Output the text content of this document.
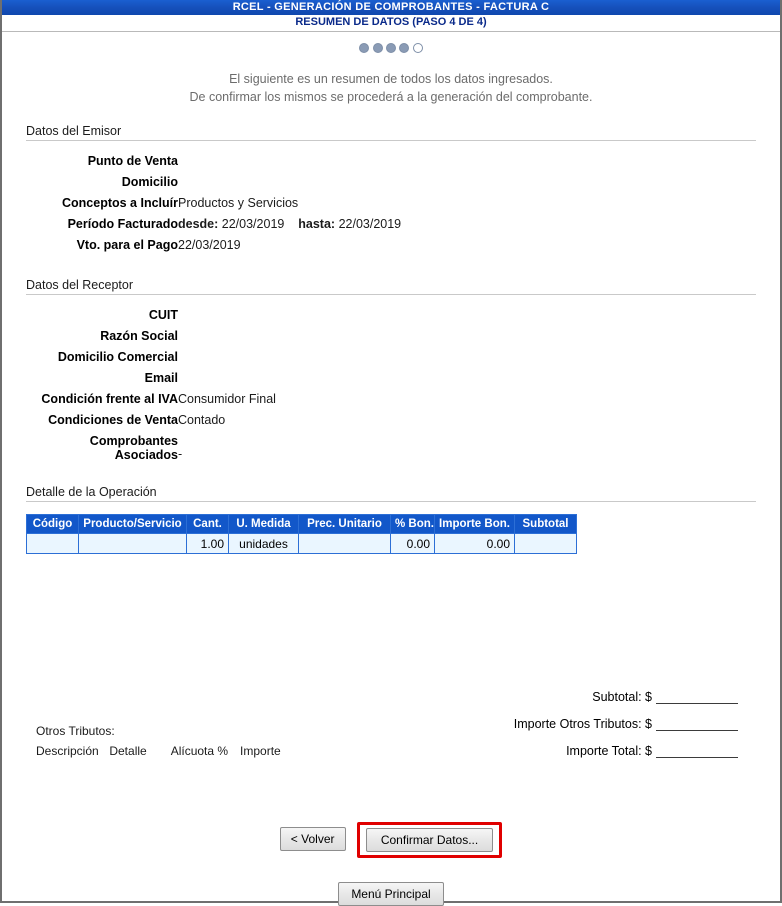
RCEL - GENERACIÓN DE COMPROBANTES - FACTURA C
RESUMEN DE DATOS (PASO 4 DE 4)

El siguiente es un resumen de todos los datos ingresados.
De confirmar los mismos se procederá a la generación del comprobante.
Datos del Emisor
Punto de Venta	
Domicilio	
Conceptos a Incluír	Productos y Servicios
Período Facturado	desde: 22/03/2019 hasta: 22/03/2019
Vto. para el Pago	22/03/2019
Datos del Receptor
CUIT	
Razón Social	
Domicilio Comercial	
Email	
Condición frente al IVA	Consumidor Final
Condiciones de Venta	Contado
Comprobantes Asociados	-
Detalle de la Operación
Código	Producto/Servicio	Cant.	U. Medida	Prec. Unitario	% Bon.	Importe Bon.	Subtotal
		1.00	unidades		0.00	0.00	
Subtotal: $
Importe Otros Tributos: $
Importe Total: $
Otros Tributos:
Descripción Detalle Alícuota % Importe
< Volver	Confirmar Datos...
Menú Principal
